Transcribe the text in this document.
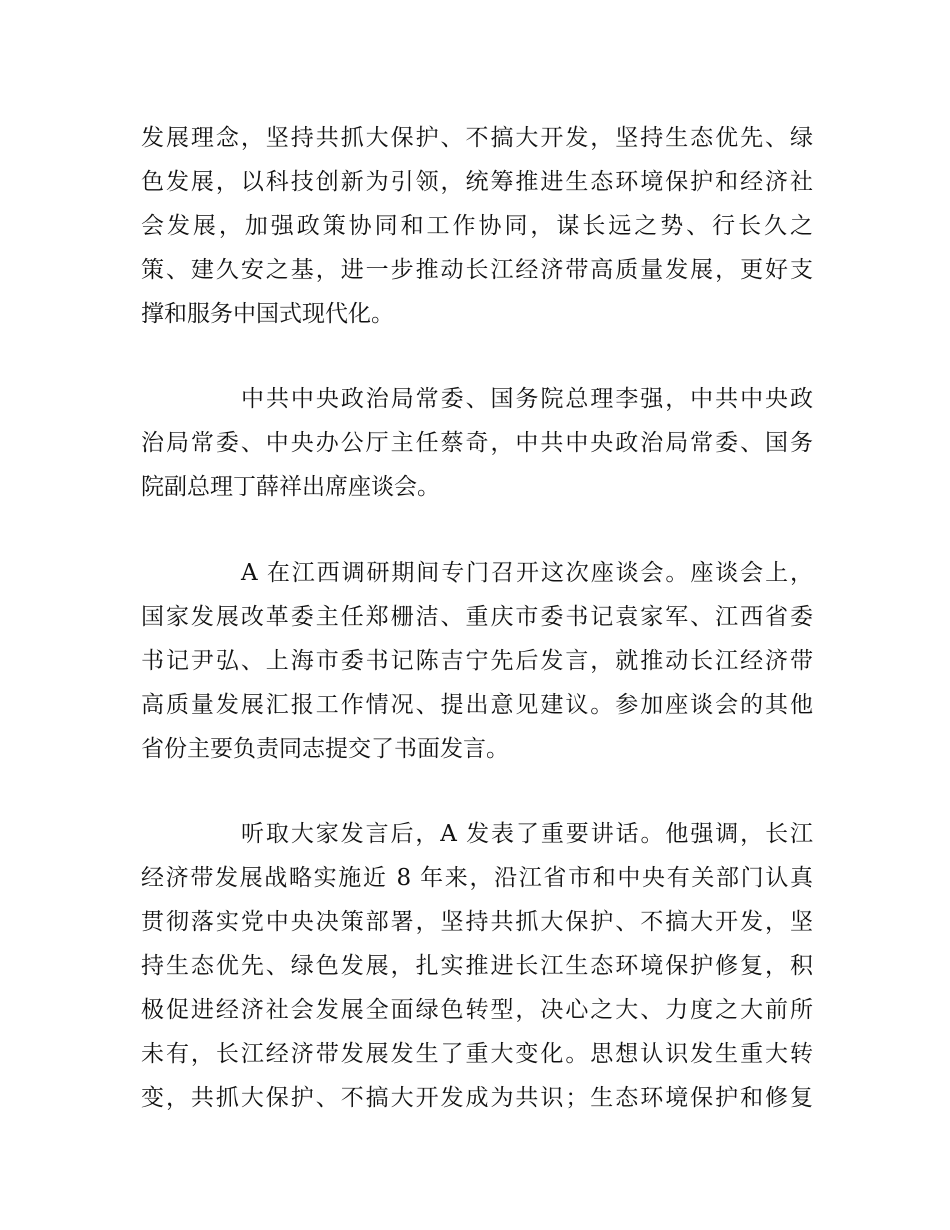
发展理念，坚持共抓大保护、不搞大开发，坚持生态优先、绿
色发展，以科技创新为引领，统筹推进生态环境保护和经济社
会发展，加强政策协同和工作协同，谋长远之势、行长久之
策、建久安之基，进一步推动长江经济带高质量发展，更好支
撑和服务中国式现代化。
中共中央政治局常委、国务院总理李强，中共中央政
治局常委、中央办公厅主任蔡奇，中共中央政治局常委、国务
院副总理丁薛祥出席座谈会。
A 在江西调研期间专门召开这次座谈会。座谈会上，
国家发展改革委主任郑栅洁、重庆市委书记袁家军、江西省委
书记尹弘、上海市委书记陈吉宁先后发言，就推动长江经济带
高质量发展汇报工作情况、提出意见建议。参加座谈会的其他
省份主要负责同志提交了书面发言。
听取大家发言后，A 发表了重要讲话。他强调，长江
经济带发展战略实施近 8 年来，沿江省市和中央有关部门认真
贯彻落实党中央决策部署，坚持共抓大保护、不搞大开发，坚
持生态优先、绿色发展，扎实推进长江生态环境保护修复，积
极促进经济社会发展全面绿色转型，决心之大、力度之大前所
未有，长江经济带发展发生了重大变化。思想认识发生重大转
变，共抓大保护、不搞大开发成为共识；生态环境保护和修复
